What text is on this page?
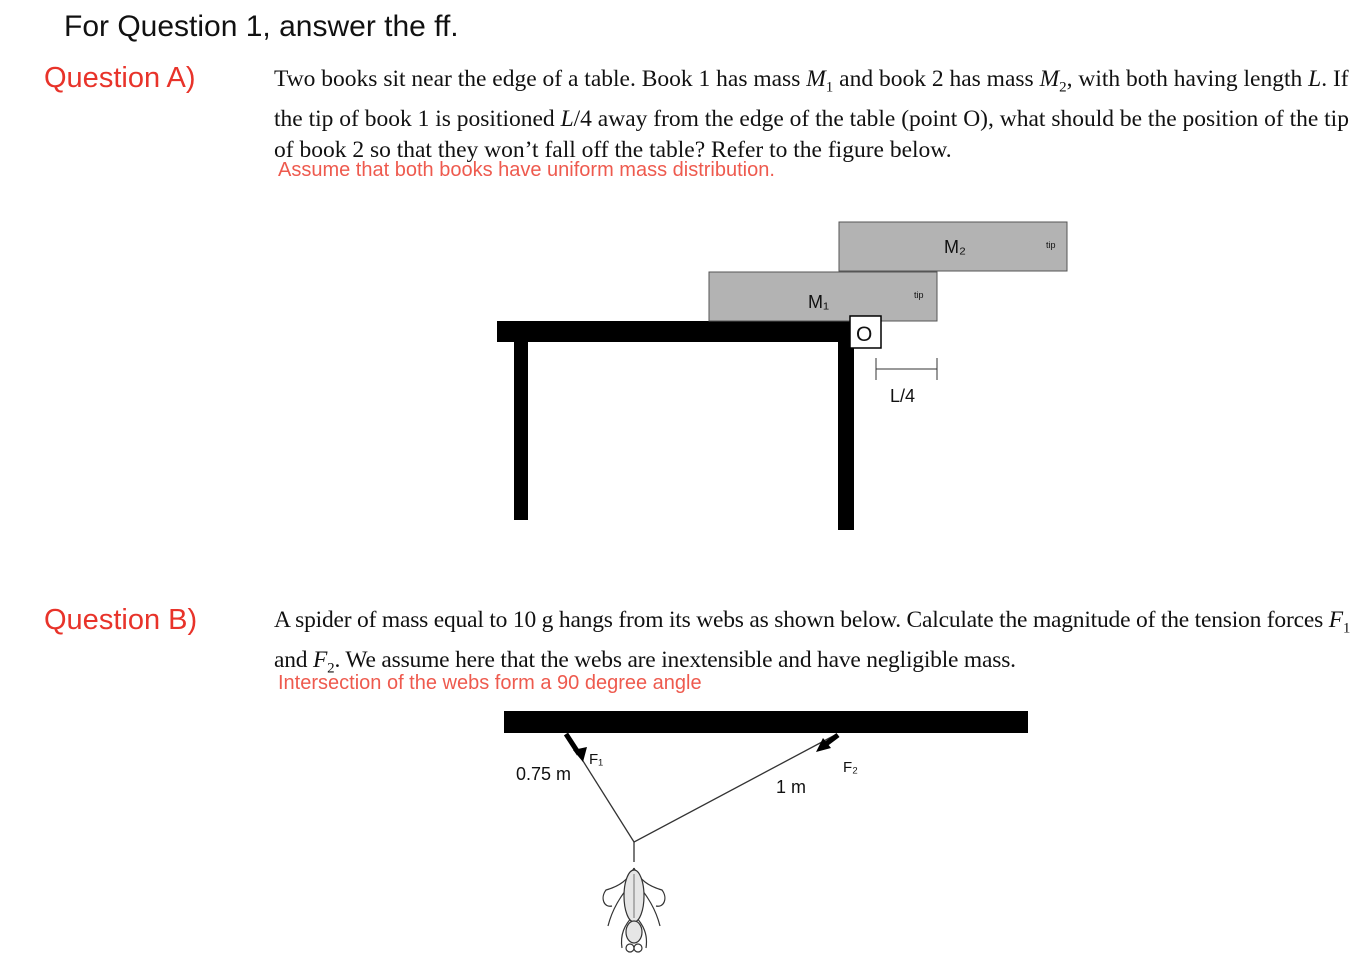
For Question 1, answer the ff.
Question A)	Two books sit near the edge of a table. Book 1 has mass $M_1$ and book 2 has mass $M_2$, with both having length L. If the tip of book 1 is positioned L/4 away from the edge of the table (point O), what should be the position of the tip of book 2 so that they won’t fall off the table? Refer to the figure below.
Assume that both books have uniform mass distribution.
Question B)	A spider of mass equal to 10 g hangs from its webs as shown below. Calculate the magnitude of the tension forces $F_1$ and $F_2$. We assume here that the webs are inextensible and have negligible mass.
Intersection of the webs form a 90 degree angle
M₁
M₂
tip
tip
O
L/4
F₁	F₂
0.75 m
1 m
